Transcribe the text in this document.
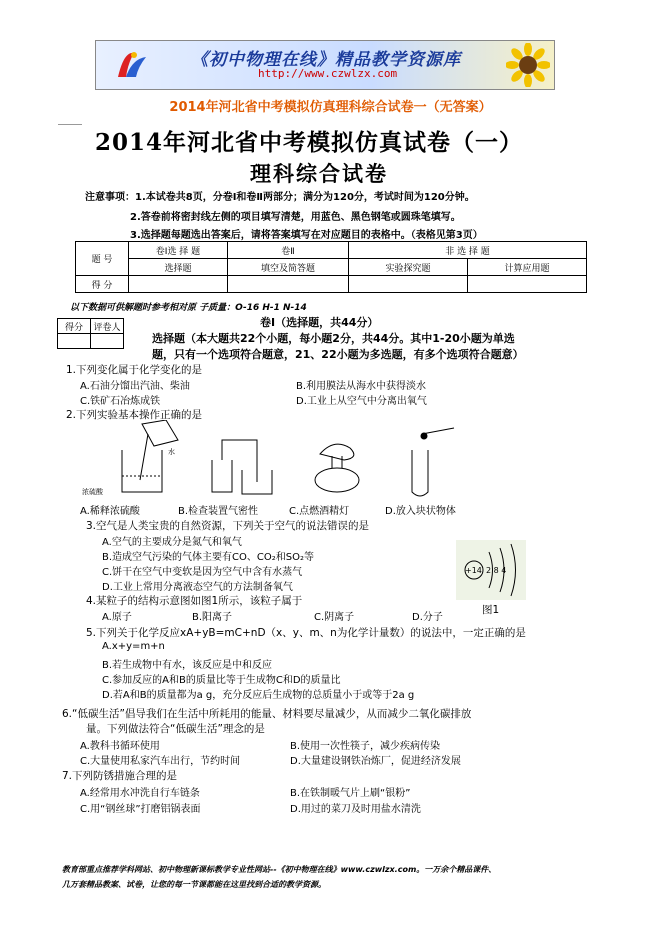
《初中物理在线》精品教学资源库
http://www.czwlzx.com
2014年河北省中考模拟仿真理科综合试卷一（无答案）
2014年河北省中考模拟仿真试卷（一）
理科综合试卷
注意事项：1.本试卷共8页，分卷Ⅰ和卷Ⅱ两部分；满分为120分，考试时间为120分钟。
2.答卷前将密封线左侧的项目填写清楚，用蓝色、黑色钢笔或圆珠笔填写。
3.选择题每题选出答案后，请将答案填写在对应题目的表格中。（表格见第3页）
题 号	卷Ⅰ选 择 题	卷Ⅱ	非 选 择 题	
	选择题	填空及简答题	实验探究题	计算应用题
得 分				
以下数据可供解题时参考相对原 子质量：O-16 H-1 N-14
得分	评卷人
		卷Ⅰ（选择题，共44分）
选择题（本大题共22个小题，每小题2分，共44分。其中1-20小题为单选
题，只有一个选项符合题意，21、22小题为多选题，有多个选项符合题意）
1.下列变化属于化学变化的是
A.石油分馏出汽油、柴油	B.利用膜法从海水中获得淡水
C.铁矿石冶炼成铁	D.工业上从空气中分离出氧气
2.下列实验基本操作正确的是
浓硫酸
水
A.稀释浓硫酸	B.检查装置气密性	C.点燃酒精灯	D.放入块状物体
3.空气是人类宝贵的自然资源，下列关于空气的说法错误的是
A.空气的主要成分是氮气和氧气
B.造成空气污染的气体主要有CO、CO₂和SO₂等
C.饼干在空气中变软是因为空气中含有水蒸气
D.工业上常用分离液态空气的方法制备氧气
+14 2 8 4
图1
4.某粒子的结构示意图如图1所示，该粒子属于
A.原子	B.阳离子	C.阴离子	D.分子
5.下列关于化学反应xA+yB=mC+nD（x、y、m、n为化学计量数）的说法中，一定正确的是
A.x+y=m+n
B.若生成物中有水，该反应是中和反应
C.参加反应的A和B的质量比等于生成物C和D的质量比
D.若A和B的质量都为a g，充分反应后生成物的总质量小于或等于2a g
6.“低碳生活”倡导我们在生活中所耗用的能量、材料要尽量减少，从而减少二氧化碳排放
量。下列做法符合“低碳生活”理念的是
A.教科书循环使用	B.使用一次性筷子，减少疾病传染
C.大量使用私家汽车出行，节约时间	D.大量建设钢铁冶炼厂，促进经济发展
7.下列防锈措施合理的是
A.经常用水冲洗自行车链条	B.在铁制暖气片上刷“银粉”
C.用“钢丝球”打磨铝锅表面	D.用过的菜刀及时用盐水清洗
教育部重点推荐学科网站、初中物理新课标教学专业性网站--《初中物理在线》www.czwlzx.com。一万余个精品课件、
几万套精品教案、试卷，让您的每一节课都能在这里找到合适的教学资源。
